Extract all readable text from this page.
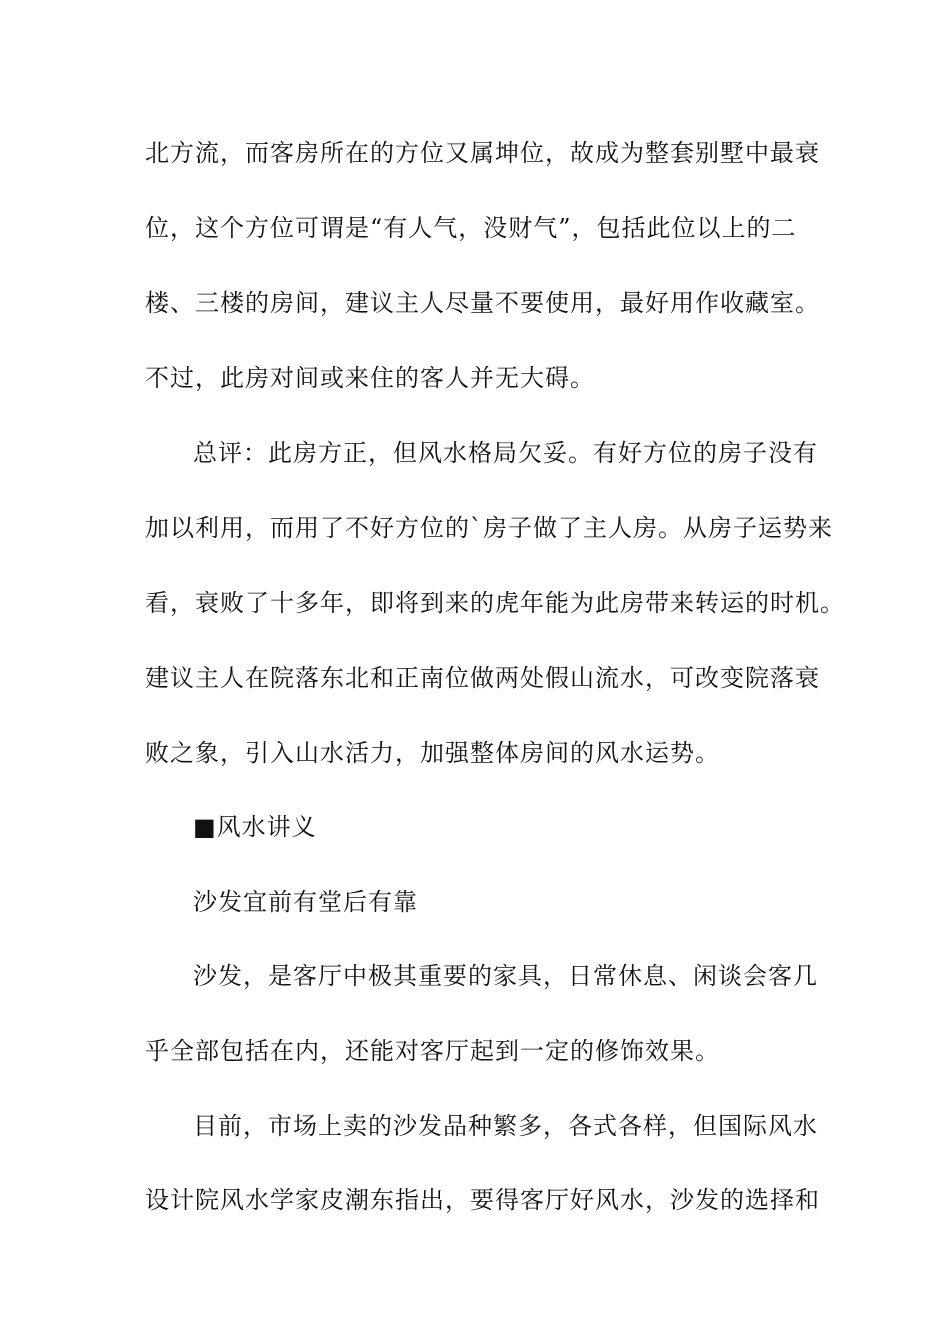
北方流，而客房所在的方位又属坤位，故成为整套别墅中最衰
位，这个方位可谓是“有人气，没财气”，包括此位以上的二
楼、三楼的房间，建议主人尽量不要使用，最好用作收藏室。
不过，此房对间或来住的客人并无大碍。
总评：此房方正，但风水格局欠妥。有好方位的房子没有
加以利用，而用了不好方位的`房子做了主人房。从房子运势来
看，衰败了十多年，即将到来的虎年能为此房带来转运的时机。
建议主人在院落东北和正南位做两处假山流水，可改变院落衰
败之象，引入山水活力，加强整体房间的风水运势。
■风水讲义
沙发宜前有堂后有靠
沙发，是客厅中极其重要的家具，日常休息、闲谈会客几
乎全部包括在内，还能对客厅起到一定的修饰效果。
目前，市场上卖的沙发品种繁多，各式各样，但国际风水
设计院风水学家皮潮东指出，要得客厅好风水，沙发的选择和
